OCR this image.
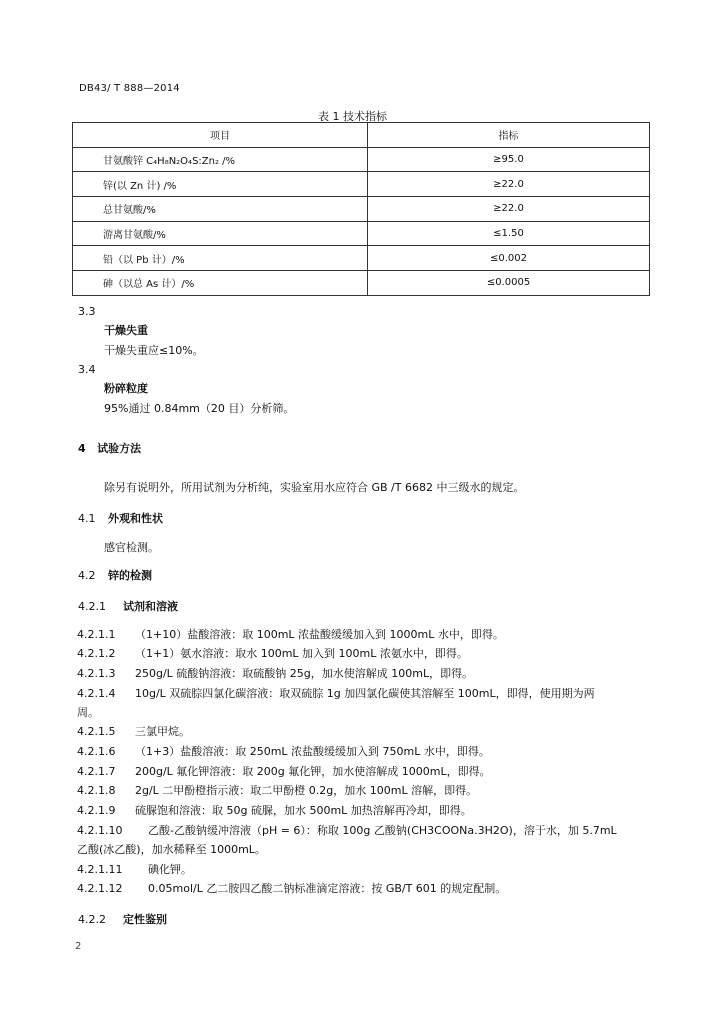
DB43/ T 888—2014
表 1 技术指标
项目	指标
甘氨酸锌 C₄H₈N₂O₄S:Zn₂ /%	≥95.0
锌(以 Zn 计) /%	≥22.0
总甘氨酸/%	≥22.0
游离甘氨酸/%	≤1.50
铅（以 Pb 计）/%	≤0.002
砷（以总 As 计）/%	≤0.0005
3.3
干燥失重
干燥失重应≤10%。
3.4
粉碎粒度
95%通过 0.84mm（20 目）分析筛。
4 试验方法
除另有说明外，所用试剂为分析纯，实验室用水应符合 GB /T 6682 中三级水的规定。
4.1 外观和性状
感官检测。
4.2 锌的检测
4.2.1 试剂和溶液
4.2.1.1 （1+10）盐酸溶液：取 100mL 浓盐酸缓缓加入到 1000mL 水中，即得。
4.2.1.2 （1+1）氨水溶液：取水 100mL 加入到 100mL 浓氨水中，即得。
4.2.1.3 250g/L 硫酸钠溶液：取硫酸钠 25g，加水使溶解成 100mL，即得。
4.2.1.4 10g/L 双硫腙四氯化碳溶液：取双硫腙 1g 加四氯化碳使其溶解至 100mL，即得，使用期为两
周。
4.2.1.5 三氯甲烷。
4.2.1.6 （1+3）盐酸溶液：取 250mL 浓盐酸缓缓加入到 750mL 水中，即得。
4.2.1.7 200g/L 氟化钾溶液：取 200g 氟化钾，加水使溶解成 1000mL，即得。
4.2.1.8 2g/L 二甲酚橙指示液：取二甲酚橙 0.2g，加水 100mL 溶解，即得。
4.2.1.9 硫脲饱和溶液：取 50g 硫脲，加水 500mL 加热溶解再冷却，即得。
4.2.1.10 乙酸-乙酸钠缓冲溶液（pH = 6）：称取 100g 乙酸钠(CH3COONa.3H2O)，溶于水，加 5.7mL
乙酸(冰乙酸)，加水稀释至 1000mL。
4.2.1.11 碘化钾。
4.2.1.12 0.05mol/L 乙二胺四乙酸二钠标准滴定溶液：按 GB/T 601 的规定配制。
4.2.2 定性鉴别
2
